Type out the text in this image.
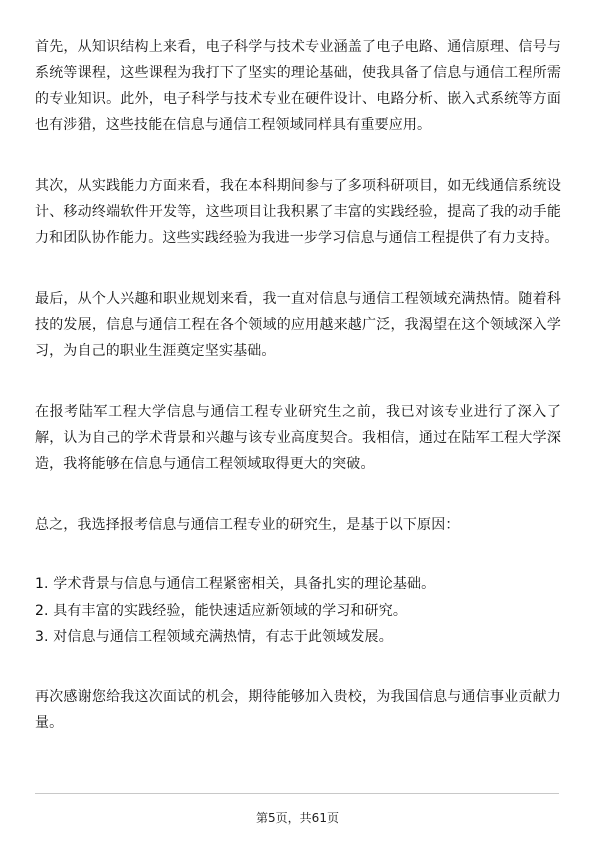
首先，从知识结构上来看，电子科学与技术专业涵盖了电子电路、通信原理、信号与系统等课程，这些课程为我打下了坚实的理论基础，使我具备了信息与通信工程所需的专业知识。此外，电子科学与技术专业在硬件设计、电路分析、嵌入式系统等方面也有涉猎，这些技能在信息与通信工程领域同样具有重要应用。

其次，从实践能力方面来看，我在本科期间参与了多项科研项目，如无线通信系统设计、移动终端软件开发等，这些项目让我积累了丰富的实践经验，提高了我的动手能力和团队协作能力。这些实践经验为我进一步学习信息与通信工程提供了有力支持。

最后，从个人兴趣和职业规划来看，我一直对信息与通信工程领域充满热情。随着科技的发展，信息与通信工程在各个领域的应用越来越广泛，我渴望在这个领域深入学习，为自己的职业生涯奠定坚实基础。

在报考陆军工程大学信息与通信工程专业研究生之前，我已对该专业进行了深入了解，认为自己的学术背景和兴趣与该专业高度契合。我相信，通过在陆军工程大学深造，我将能够在信息与通信工程领域取得更大的突破。

总之，我选择报考信息与通信工程专业的研究生，是基于以下原因：

1. 学术背景与信息与通信工程紧密相关，具备扎实的理论基础。

2. 具有丰富的实践经验，能快速适应新领域的学习和研究。

3. 对信息与通信工程领域充满热情，有志于此领域发展。

再次感谢您给我这次面试的机会，期待能够加入贵校，为我国信息与通信事业贡献力量。

第5页，共61页
